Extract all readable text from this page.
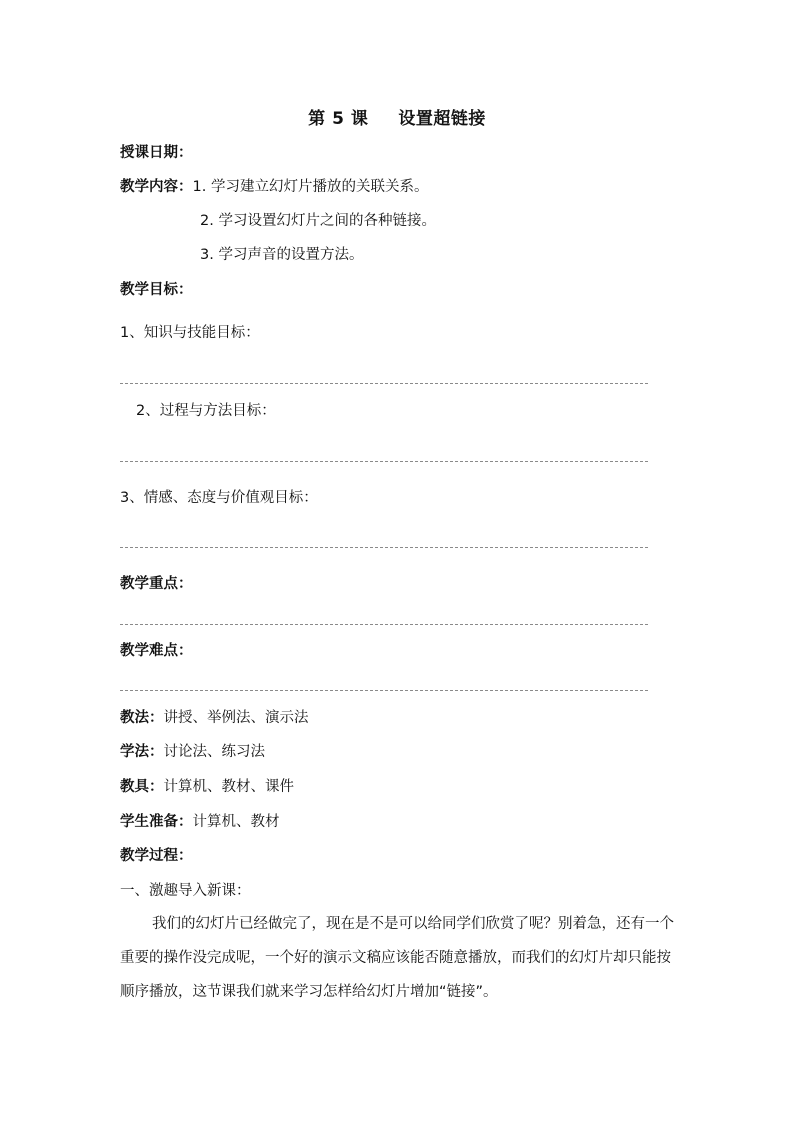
第 5 课 设置超链接
授课日期：
教学内容：1. 学习建立幻灯片播放的关联关系。
2. 学习设置幻灯片之间的各种链接。
3. 学习声音的设置方法。
教学目标：
1、知识与技能目标：
2、过程与方法目标：
3、情感、态度与价值观目标：
教学重点：
教学难点：
教法：讲授、举例法、演示法
学法：讨论法、练习法
教具：计算机、教材、课件
学生准备：计算机、教材
教学过程：
一、激趣导入新课：
我们的幻灯片已经做完了，现在是不是可以给同学们欣赏了呢？别着急，还有一个重要的操作没完成呢，一个好的演示文稿应该能否随意播放，而我们的幻灯片却只能按顺序播放，这节课我们就来学习怎样给幻灯片增加“链接”。
